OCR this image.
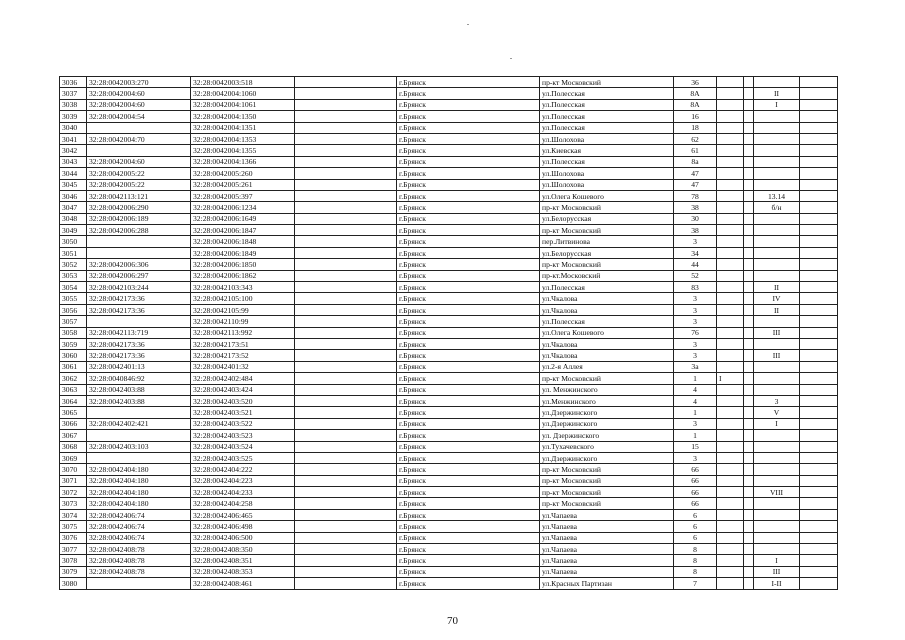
3036	32:28:0042003:270	32:28:0042003:518		г.Брянск	пр-кт Московский	36				
3037	32:28:0042004:60	32:28:0042004:1060		г.Брянск	ул.Полесская	8А			II	
3038	32:28:0042004:60	32:28:0042004:1061		г.Брянск	ул.Полесская	8А			I	
3039	32:28:0042004:54	32:28:0042004:1350		г.Брянск	ул.Полесская	16				
3040		32:28:0042004:1351		г.Брянск	ул.Полесская	18				
3041	32:28:0042004:70	32:28:0042004:1353		г.Брянск	ул.Шолохова	62				
3042		32:28:0042004:1355		г.Брянск	ул.Киевская	61				
3043	32:28:0042004:60	32:28:0042004:1366		г.Брянск	ул.Полесская	8а				
3044	32:28:0042005:22	32:28:0042005:260		г.Брянск	ул.Шолохова	47				
3045	32:28:0042005:22	32:28:0042005:261		г.Брянск	ул.Шолохова	47				
3046	32:28:0042113:121	32:28:0042005:397		г.Брянск	ул.Олега Кошевого	78			13.14	
3047	32:28:0042006:290	32:28:0042006:1234		г.Брянск	пр-кт Московский	38			б/н	
3048	32:28:0042006:189	32:28:0042006:1649		г.Брянск	ул.Белорусская	30				
3049	32:28:0042006:288	32:28:0042006:1847		г.Брянск	пр-кт Московский	38				
3050		32:28:0042006:1848		г.Брянск	пер.Литвинова	3				
3051		32:28:0042006:1849		г.Брянск	ул.Белорусская	34				
3052	32:28:0042006:306	32:28:0042006:1850		г.Брянск	пр-кт Московский	44				
3053	32:28:0042006:297	32:28:0042006:1862		г.Брянск	пр-кт.Московский	52				
3054	32:28:0042103:244	32:28:0042103:343		г.Брянск	ул.Полесская	83			II	
3055	32:28:0042173:36	32:28:0042105:100		г.Брянск	ул.Чкалова	3			IV	
3056	32:28:0042173:36	32:28:0042105:99		г.Брянск	ул.Чкалова	3			II	
3057		32:28:0042110:99		г.Брянск	ул.Полесская	3				
3058	32:28:0042113:719	32:28:0042113:992		г.Брянск	ул.Олега Кошевого	76			III	
3059	32:28:0042173:36	32:28:0042173:51		г.Брянск	ул.Чкалова	3				
3060	32:28:0042173:36	32:28:0042173:52		г.Брянск	ул.Чкалова	3			III	
3061	32:28:0042401:13	32:28:0042401:32		г.Брянск	ул.2-я Аллея	3а				
3062	32:28:0040846:92	32:28:0042402:484		г.Брянск	пр-кт Московский	1	I			
3063	32:28:0042403:88	32:28:0042403:424		г.Брянск	ул. Менжинского	4				
3064	32:28:0042403:88	32:28:0042403:520		г.Брянск	ул.Менжинского	4			3	
3065		32:28:0042403:521		г.Брянск	ул.Дзержинского	1			V	
3066	32:28:0042402:421	32:28:0042403:522		г.Брянск	ул.Дзержинского	3			I	
3067		32:28:0042403:523		г.Брянск	ул. Дзержинского	1				
3068	32:28:0042403:103	32:28:0042403:524		г.Брянск	ул.Тухачевского	15				
3069		32:28:0042403:525		г.Брянск	ул.Дзержинского	3				
3070	32:28:0042404:180	32:28:0042404:222		г.Брянск	пр-кт Московский	66				
3071	32:28:0042404:180	32:28:0042404:223		г.Брянск	пр-кт Московский	66				
3072	32:28:0042404:180	32:28:0042404:233		г.Брянск	пр-кт Московский	66			VIII	
3073	32:28:0042404:180	32:28:0042404:258		г.Брянск	пр-кт Московский	66				
3074	32:28:0042406:74	32:28:0042406:465		г.Брянск	ул.Чапаева	6				
3075	32:28:0042406:74	32:28:0042406:498		г.Брянск	ул.Чапаева	6				
3076	32:28:0042406:74	32:28:0042406:500		г.Брянск	ул.Чапаева	6				
3077	32:28:0042408:78	32:28:0042408:350		г.Брянск	ул.Чапаева	8				
3078	32:28:0042408:78	32:28:0042408:351		г.Брянск	ул.Чапаева	8			I	
3079	32:28:0042408:78	32:28:0042408:353		г.Брянск	ул.Чапаева	8			III	
3080		32:28:0042408:461		г.Брянск	ул.Красных Партизан	7			I-II	
70
